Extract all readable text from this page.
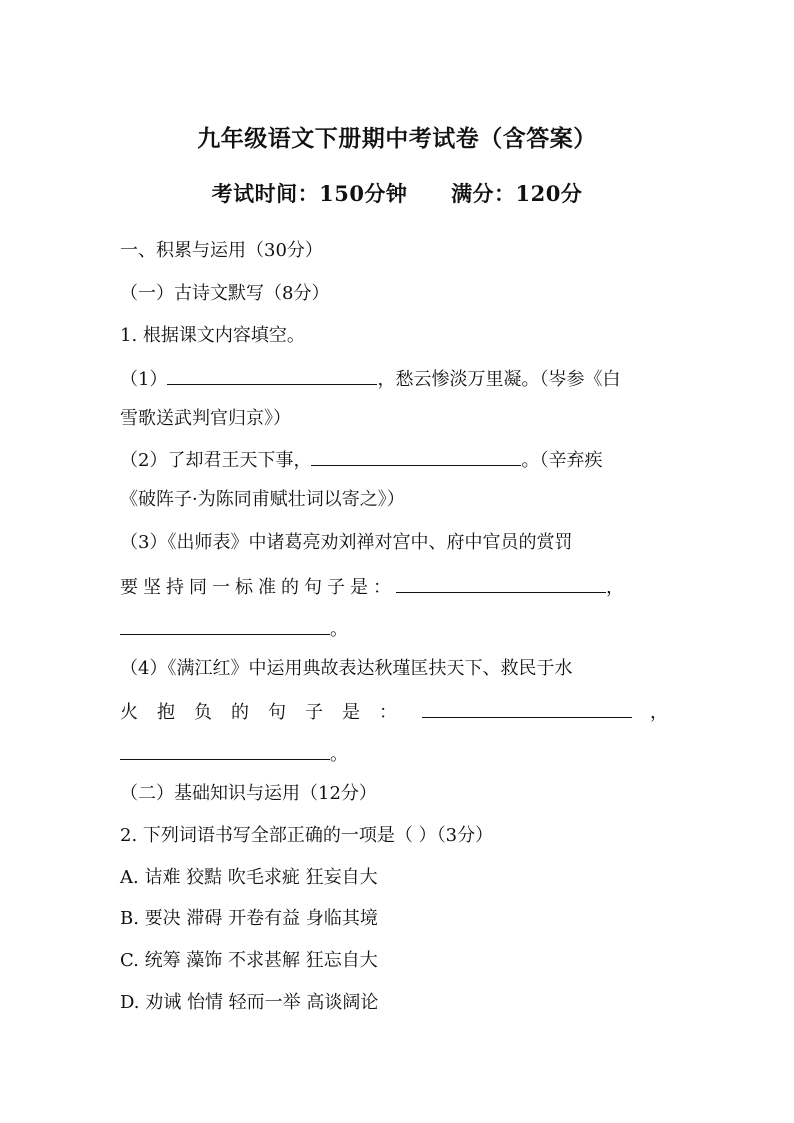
九年级语文下册期中考试卷（含答案）
考试时间：150分钟 满分：120分
一、积累与运用（30分）
（一）古诗文默写（8分）
1. 根据课文内容填空。
（1）	，愁云惨淡万里凝。（岑参《白
雪歌送武判官归京》）
（2）了却君王天下事，	。（辛弃疾
《破阵子·为陈同甫赋壮词以寄之》）
（3）《出师表》中诸葛亮劝刘禅对宫中、府中官员的赏罚
要坚持同一标准的句子是：	，
。
（4）《满江红》中运用典故表达秋瑾匡扶天下、救民于水
火抱负的句子是：	，
。
（二）基础知识与运用（12分）
2. 下列词语书写全部正确的一项是（ ）（3分）
A. 诘难 狡黠 吹毛求疵 狂妄自大
B. 要决 滞碍 开卷有益 身临其境
C. 统筹 藻饰 不求甚解 狂忘自大
D. 劝诫 怡情 轻而一举 高谈阔论
